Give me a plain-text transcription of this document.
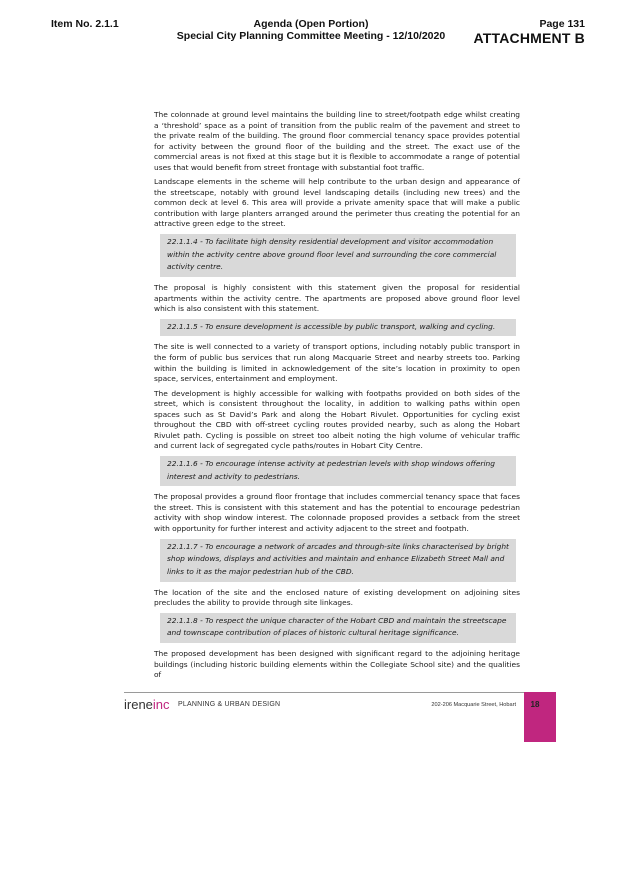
Item No. 2.1.1	Agenda (Open Portion)
Special City Planning Committee Meeting - 12/10/2020
Page 131
ATTACHMENT B

The colonnade at ground level maintains the building line to street/footpath edge whilst creating a ‘threshold’ space as a point of transition from the public realm of the pavement and street to the private realm of the building. The ground floor commercial tenancy space provides potential for activity between the ground floor of the building and the street. The exact use of the commercial areas is not fixed at this stage but it is flexible to accommodate a range of potential uses that would benefit from street frontage with substantial foot traffic.

Landscape elements in the scheme will help contribute to the urban design and appearance of the streetscape, notably with ground level landscaping details (including new trees) and the common deck at level 6. This area will provide a private amenity space that will make a public contribution with large planters arranged around the perimeter thus creating the potential for an attractive green edge to the street.

22.1.1.4 - To facilitate high density residential development and visitor accommodation within the activity centre above ground floor level and surrounding the core commercial activity centre.

The proposal is highly consistent with this statement given the proposal for residential apartments within the activity centre. The apartments are proposed above ground floor level which is also consistent with this statement.

22.1.1.5 - To ensure development is accessible by public transport, walking and cycling.

The site is well connected to a variety of transport options, including notably public transport in the form of public bus services that run along Macquarie Street and nearby streets too. Parking within the building is limited in acknowledgement of the site’s location in proximity to open space, services, entertainment and employment.

The development is highly accessible for walking with footpaths provided on both sides of the street, which is consistent throughout the locality, in addition to walking paths within open spaces such as St David’s Park and along the Hobart Rivulet. Opportunities for cycling exist throughout the CBD with off-street cycling routes provided nearby, such as along the Hobart Rivulet path. Cycling is possible on street too albeit noting the high volume of vehicular traffic and current lack of segregated cycle paths/routes in Hobart City Centre.

22.1.1.6 - To encourage intense activity at pedestrian levels with shop windows offering interest and activity to pedestrians.

The proposal provides a ground floor frontage that includes commercial tenancy space that faces the street. This is consistent with this statement and has the potential to encourage pedestrian activity with shop window interest. The colonnade proposed provides a setback from the street with opportunity for further interest and activity adjacent to the street and footpath.

22.1.1.7 - To encourage a network of arcades and through-site links characterised by bright shop windows, displays and activities and maintain and enhance Elizabeth Street Mall and links to it as the major pedestrian hub of the CBD.

The location of the site and the enclosed nature of existing development on adjoining sites precludes the ability to provide through site linkages.

22.1.1.8 - To respect the unique character of the Hobart CBD and maintain the streetscape and townscape contribution of places of historic cultural heritage significance.

The proposed development has been designed with significant regard to the adjoining heritage buildings (including historic building elements within the Collegiate School site) and the qualities of

ireneinc PLANNING & URBAN DESIGN	202-206 Macquarie Street, Hobart	18
